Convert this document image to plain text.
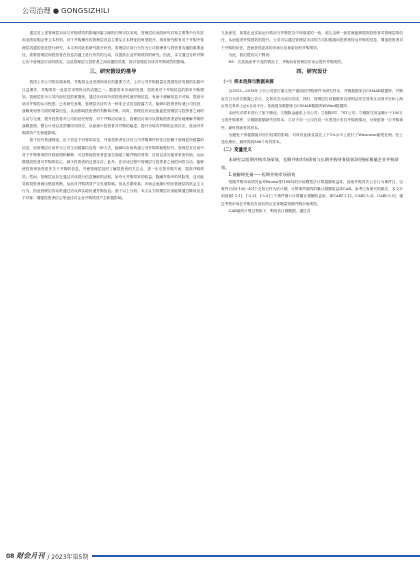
公司治理 ● GONGSIZHILI

通过对上述管理层访谈与并购绩效的影响因素文献的归纳可以发现，管理层访谈的研究对象主要集中在年报和业绩说明会等文本材料，对于并购操作的管理层讯息主要从文本特征的角度展开，现有研究鲜有对于并购中管理层沟通的变化进行研究，本文则对此类研究展开补充。管理层访谈行为作为公司管理者与投资者沟通的重要途径，需要管理层和投资者在信息沟通上进行有效的互动，以提高企业并购绩效的研究。因此，本文通过分析并购公告中管理层访谈的情况，以及管理层与投资者之间沟通的效果，探讨管理层访谈对并购绩效的影响。

三、研究假设的推导

我国上市公司的实践表明，并购是企业发展和成长的重要方式，上市公司并购数量在我国经济发展的实践中日益增多，并购绩效一直是学术界热议的话题之一。随着资本市场的发展，投资者对于并购信息的需求不断增加，管理层作为公司内部信息的掌握者，通过访谈向外部投资者传递并购信息，有助于缓解信息不对称，提高市场对并购的认可程度。已有研究表明，管理层访谈作为一种非正式信息披露方式，能够向投资者传递公司经营、战略规划等方面的增量信息，从而影响投资者的判断和决策。同时，管理层访谈也能促进管理层与投资者之间的互动与交流，提升投资者对公司的信任程度。对于并购活动而言，管理层访谈可以帮助投资者更好地理解并购的战略意图、整合计划以及预期协同效应，从而减少投资者对并购的疑虑，提升市场对并购的正面反应，进而对并购绩效产生积极影响。

基于信号传递理论，由于信息不对称的存在，外部投资者在评估公司并购事件时往往依赖于管理层所披露的信息，而管理层访谈作为公司主动披露信息的一种方式，能够向市场传递公司并购的积极信号。管理层在访谈中对于并购事项的详细说明和解释，可以帮助投资者更加全面地了解并购的背景、目的以及可能带来的价值，从而增强投资者对并购的信心，减少投资者的过度反应。此外，在访谈过程中管理层与投资者之间的问答互动，能够使投资者获得更多关于并购的信息，并使管理层及时了解投资者的关注点，进一步完善并购方案，提高并购绩效。然而，管理层也存在通过访谈进行信息操纵的动机，如夸大并购带来的收益，隐瞒并购中的风险等，这可能导致投资者做出错误判断，从而对并购绩效产生负面影响。但从长期来看，市场会逐渐识别出管理层的机会主义行为，因此管理层有动机通过访谈真实地传递并购信息。基于以上分析，本文认为管理层访谈能够通过降低信息不对称、增强投资者信心等途径对企业并购绩效产生积极影响。

九条意见，如果企业实际运行情况与并购报告中所描述的一致，那么这种一致性就能够提高投资者对管理层的信任，从而促进并购绩效的提升。公司可以通过管理层访谈的方式积极地向投资者传达并购的信息，增加投资者对于并购的信任，进而获得更高的市场反应和更好的并购绩效。

为此，我们提出以下假设：

H1：在其他条件不变的情况下，并购前有管理层访谈会提升并购绩效。

四、研究设计
（一）样本选择与数据来源

以2013—2018年上市公司进行重大资产重组的并购事件为研究样本，并购数据来自CSMAR数据库，并购宣告日为首次披露公告日，交易状态为成功完成，同时，管理层访谈数据来自深圳证券交易所互动易平台和上海证券交易所上证e互动平台，其他财务数据来自CSMAR数据库和Wind数据库。

本研究对样本进行了如下筛选：①剔除金融类上市公司；②剔除ST、*ST公司；③剔除交易金额小于100万元的并购事件；④剔除数据缺失的样本；⑤对于同一公司在同一年度进行多次并购的情况，仅保留第一次并购事件。最终得到有效样本。

为避免个别极端值对回归结果的影响，对所有连续变量在上下1%水平上进行了Winsorize缩尾处理。经上述处理后，最终得到386个有效样本。

（二）变量定义

本研究以短期并购市场绩效、长期并购市场绩效与长期并购财务绩效3项指标衡量企业并购绩效。

1.被解释变量——短期并购市场绩效

短期并购市场绩效参考Brown等(1985)的市场模型法计算超额收益率，选取并购首次公告日为事件日，以事件日前[-150,-30]个交易日作为估计期，计算事件期内的累计超额收益率CAR。参考已有研究的做法，本文分别选取[-1,1]、[-3,3]、[-5,5]三个事件窗口计算累计超额收益率，即CAR[-1,1]、CAR[-3,3]、CAR[-5,5]，通过考察市场在并购宣告前后的反应来衡量短期并购市场绩效。

CAR值的计算过程如下，利用估计期数据，通过对

08 财会月刊 / 2023年第5期
